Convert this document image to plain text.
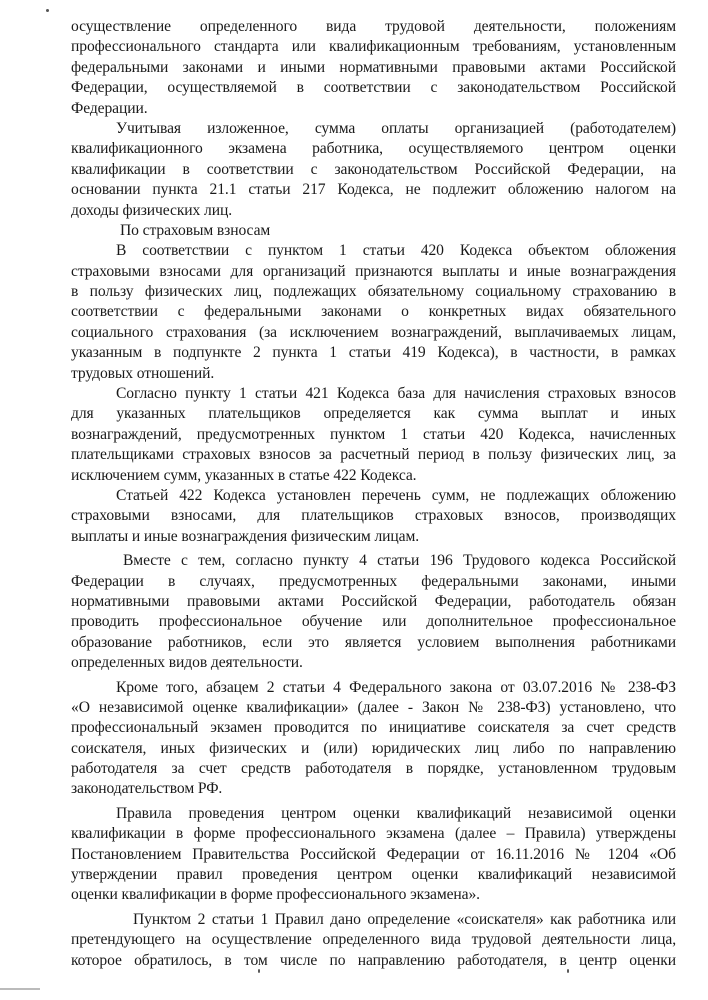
осуществление определенного вида трудовой деятельности, положениям
профессионального стандарта или квалификационным требованиям, установленным
федеральными законами и иными нормативными правовыми актами Российской
Федерации, осуществляемой в соответствии с законодательством Российской
Федерации.
Учитывая изложенное, сумма оплаты организацией (работодателем)
квалификационного экзамена работника, осуществляемого центром оценки
квалификации в соответствии с законодательством Российской Федерации, на
основании пункта 21.1 статьи 217 Кодекса, не подлежит обложению налогом на
доходы физических лиц.
По страховым взносам
В соответствии с пунктом 1 статьи 420 Кодекса объектом обложения
страховыми взносами для организаций признаются выплаты и иные вознаграждения
в пользу физических лиц, подлежащих обязательному социальному страхованию в
соответствии с федеральными законами о конкретных видах обязательного
социального страхования (за исключением вознаграждений, выплачиваемых лицам,
указанным в подпункте 2 пункта 1 статьи 419 Кодекса), в частности, в рамках
трудовых отношений.
Согласно пункту 1 статьи 421 Кодекса база для начисления страховых взносов
для указанных плательщиков определяется как сумма выплат и иных
вознаграждений, предусмотренных пунктом 1 статьи 420 Кодекса, начисленных
плательщиками страховых взносов за расчетный период в пользу физических лиц, за
исключением сумм, указанных в статье 422 Кодекса.
Статьей 422 Кодекса установлен перечень сумм, не подлежащих обложению
страховыми взносами, для плательщиков страховых взносов, производящих
выплаты и иные вознаграждения физическим лицам.
Вместе с тем, согласно пункту 4 статьи 196 Трудового кодекса Российской
Федерации в случаях, предусмотренных федеральными законами, иными
нормативными правовыми актами Российской Федерации, работодатель обязан
проводить профессиональное обучение или дополнительное профессиональное
образование работников, если это является условием выполнения работниками
определенных видов деятельности.
Кроме того, абзацем 2 статьи 4 Федерального закона от 03.07.2016 № 238-ФЗ
«О независимой оценке квалификации» (далее - Закон № 238-ФЗ) установлено, что
профессиональный экзамен проводится по инициативе соискателя за счет средств
соискателя, иных физических и (или) юридических лиц либо по направлению
работодателя за счет средств работодателя в порядке, установленном трудовым
законодательством РФ.
Правила проведения центром оценки квалификаций независимой оценки
квалификации в форме профессионального экзамена (далее – Правила) утверждены
Постановлением Правительства Российской Федерации от 16.11.2016 № 1204 «Об
утверждении правил проведения центром оценки квалификаций независимой
оценки квалификации в форме профессионального экзамена».
Пунктом 2 статьи 1 Правил дано определение «соискателя» как работника или
претендующего на осуществление определенного вида трудовой деятельности лица,
которое обратилось, в том числе по направлению работодателя, в центр оценки
